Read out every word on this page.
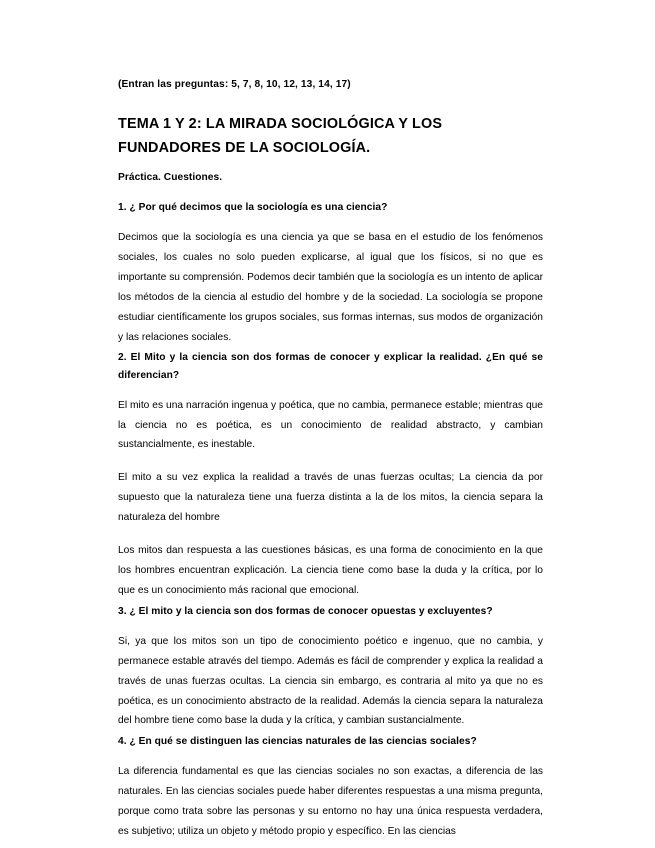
(Entran las preguntas: 5, 7, 8, 10, 12, 13, 14, 17)

TEMA 1 Y 2: LA MIRADA SOCIOLÓGICA Y LOS
FUNDADORES DE LA SOCIOLOGÍA.

Práctica. Cuestiones.

1. ¿ Por qué decimos que la sociología es una ciencia?

Decimos que la sociología es una ciencia ya que se basa en el estudio de los fenómenos sociales, los cuales no solo pueden explicarse, al igual que los físicos, si no que es importante su comprensión. Podemos decir también que la sociología es un intento de aplicar los métodos de la ciencia al estudio del hombre y de la sociedad. La sociología se propone estudiar científicamente los grupos sociales, sus formas internas, sus modos de organización y las relaciones sociales.

2. El Mito y la ciencia son dos formas de conocer y explicar la realidad. ¿En qué se diferencian?

El mito es una narración ingenua y poética, que no cambia, permanece estable; mientras que la ciencia no es poética, es un conocimiento de realidad abstracto, y cambian sustancialmente, es inestable.

El mito a su vez explica la realidad a través de unas fuerzas ocultas; La ciencia da por supuesto que la naturaleza tiene una fuerza distinta a la de los mitos, la ciencia separa la naturaleza del hombre

Los mitos dan respuesta a las cuestiones básicas, es una forma de conocimiento en la que los hombres encuentran explicación. La ciencia tiene como base la duda y la crítica, por lo que es un conocimiento más racional que emocional.

3. ¿ El mito y la ciencia son dos formas de conocer opuestas y excluyentes?

Si, ya que los mitos son un tipo de conocimiento poético e ingenuo, que no cambia, y permanece estable através del tiempo. Además es fácil de comprender y explica la realidad a través de unas fuerzas ocultas. La ciencia sin embargo, es contraria al mito ya que no es poética, es un conocimiento abstracto de la realidad. Además la ciencia separa la naturaleza del hombre tiene como base la duda y la crítica, y cambian sustancialmente.

4. ¿ En qué se distinguen las ciencias naturales de las ciencias sociales?

La diferencia fundamental es que las ciencias sociales no son exactas, a diferencia de las naturales. En las ciencias sociales puede haber diferentes respuestas a una misma pregunta, porque como trata sobre las personas y su entorno no hay una única respuesta verdadera, es subjetivo; utiliza un objeto y método propio y específico. En las ciencias
